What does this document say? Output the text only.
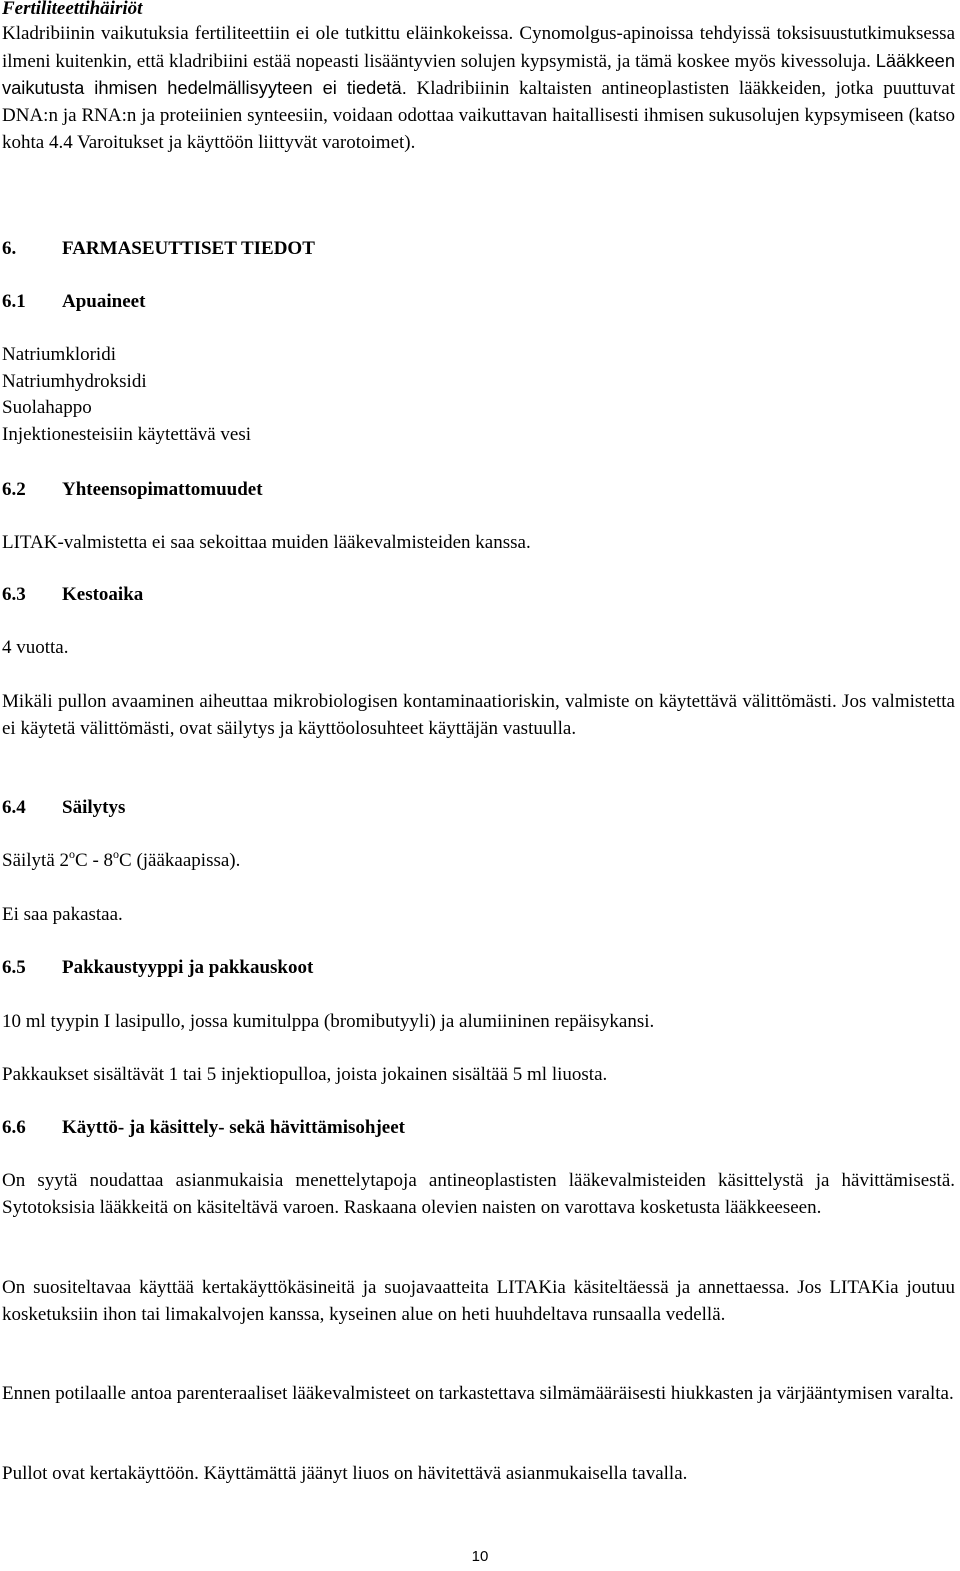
Fertiliteettihäiriöt

Kladribiinin vaikutuksia fertiliteettiin ei ole tutkittu eläinkokeissa. Cynomolgus-apinoissa tehdyissä toksisuustutkimuksessa ilmeni kuitenkin, että kladribiini estää nopeasti lisääntyvien solujen kypsymistä, ja tämä koskee myös kivessoluja. Lääkkeen vaikutusta ihmisen hedelmällisyyteen ei tiedetä. Kladribiinin kaltaisten antineoplastisten lääkkeiden, jotka puuttuvat DNA:n ja RNA:n ja proteiinien synteesiin, voidaan odottaa vaikuttavan haitallisesti ihmisen sukusolujen kypsymiseen (katso kohta 4.4 Varoitukset ja käyttöön liittyvät varotoimet).

6.	FARMASEUTTISET TIEDOT
6.1	Apuaineet

Natriumkloridi

Natriumhydroksidi

Suolahappo

Injektionesteisiin käytettävä vesi

6.2	Yhteensopimattomuudet

LITAK-valmistetta ei saa sekoittaa muiden lääkevalmisteiden kanssa.

6.3	Kestoaika

4 vuotta.

Mikäli pullon avaaminen aiheuttaa mikrobiologisen kontaminaatioriskin, valmiste on käytettävä välittömästi. Jos valmistetta ei käytetä välittömästi, ovat säilytys ja käyttöolosuhteet käyttäjän vastuulla.

6.4	Säilytys

Säilytä 2$^o$C - 8$^o$C (jääkaapissa).

Ei saa pakastaa.

6.5	Pakkaustyyppi ja pakkauskoot

10 ml tyypin I lasipullo, jossa kumitulppa (bromibutyyli) ja alumiininen repäisykansi.

Pakkaukset sisältävät 1 tai 5 injektiopulloa, joista jokainen sisältää 5 ml liuosta.

6.6	Käyttö- ja käsittely- sekä hävittämisohjeet

On syytä noudattaa asianmukaisia menettelytapoja antineoplastisten lääkevalmisteiden käsittelystä ja hävittämisestä. Sytotoksisia lääkkeitä on käsiteltävä varoen. Raskaana olevien naisten on varottava kosketusta lääkkeeseen.

On suositeltavaa käyttää kertakäyttökäsineitä ja suojavaatteita LITAKia käsiteltäessä ja annettaessa. Jos LITAKia joutuu kosketuksiin ihon tai limakalvojen kanssa, kyseinen alue on heti huuhdeltava runsaalla vedellä.

Ennen potilaalle antoa parenteraaliset lääkevalmisteet on tarkastettava silmämääräisesti hiukkasten ja värjääntymisen varalta.

Pullot ovat kertakäyttöön. Käyttämättä jäänyt liuos on hävitettävä asianmukaisella tavalla.

10
